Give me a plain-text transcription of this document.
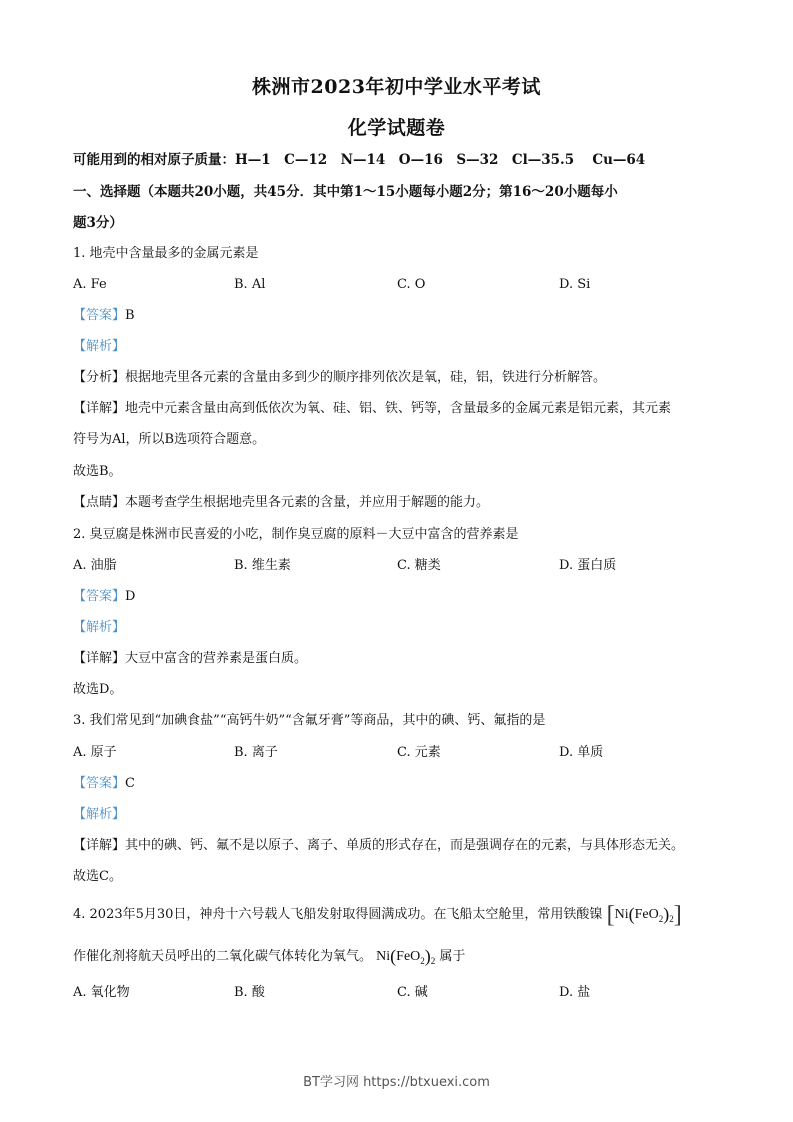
株洲市2023年初中学业水平考试
化学试题卷
可能用到的相对原子质量：H—1　C—12　N—14　O—16　S—32　Cl—35.5　 Cu—64
一、选择题（本题共20小题，共45分．其中第1～15小题每小题2分；第16～20小题每小
题3分）
1. 地壳中含量最多的金属元素是
A. Fe	B. Al	C. O	D. Si
【答案】B
【解析】
【分析】根据地壳里各元素的含量由多到少的顺序排列依次是氧，硅，铝，铁进行分析解答。
【详解】地壳中元素含量由高到低依次为氧、硅、铝、铁、钙等，含量最多的金属元素是铝元素，其元素
符号为Al，所以B选项符合题意。
故选B。
【点睛】本题考查学生根据地壳里各元素的含量，并应用于解题的能力。
2. 臭豆腐是株洲市民喜爱的小吃，制作臭豆腐的原料－大豆中富含的营养素是
A. 油脂	B. 维生素	C. 糖类	D. 蛋白质
【答案】D
【解析】
【详解】大豆中富含的营养素是蛋白质。
故选D。
3. 我们常见到“加碘食盐”“高钙牛奶”“含氟牙膏”等商品，其中的碘、钙、氟指的是
A. 原子	B. 离子	C. 元素	D. 单质
【答案】C
【解析】
【详解】其中的碘、钙、氟不是以原子、离子、单质的形式存在，而是强调存在的元素，与具体形态无关。
故选C。
4. 2023年5月30日，神舟十六号载人飞船发射取得圆满成功。在飞船太空舱里，常用铁酸镍 $[Ni(FeO_2)_2]$
作催化剂将航天员呼出的二氧化碳气体转化为氧气。 $Ni(FeO_2)_2$ 属于
A. 氧化物	B. 酸	C. 碱	D. 盐
BT学习网 https://btxuexi.com
